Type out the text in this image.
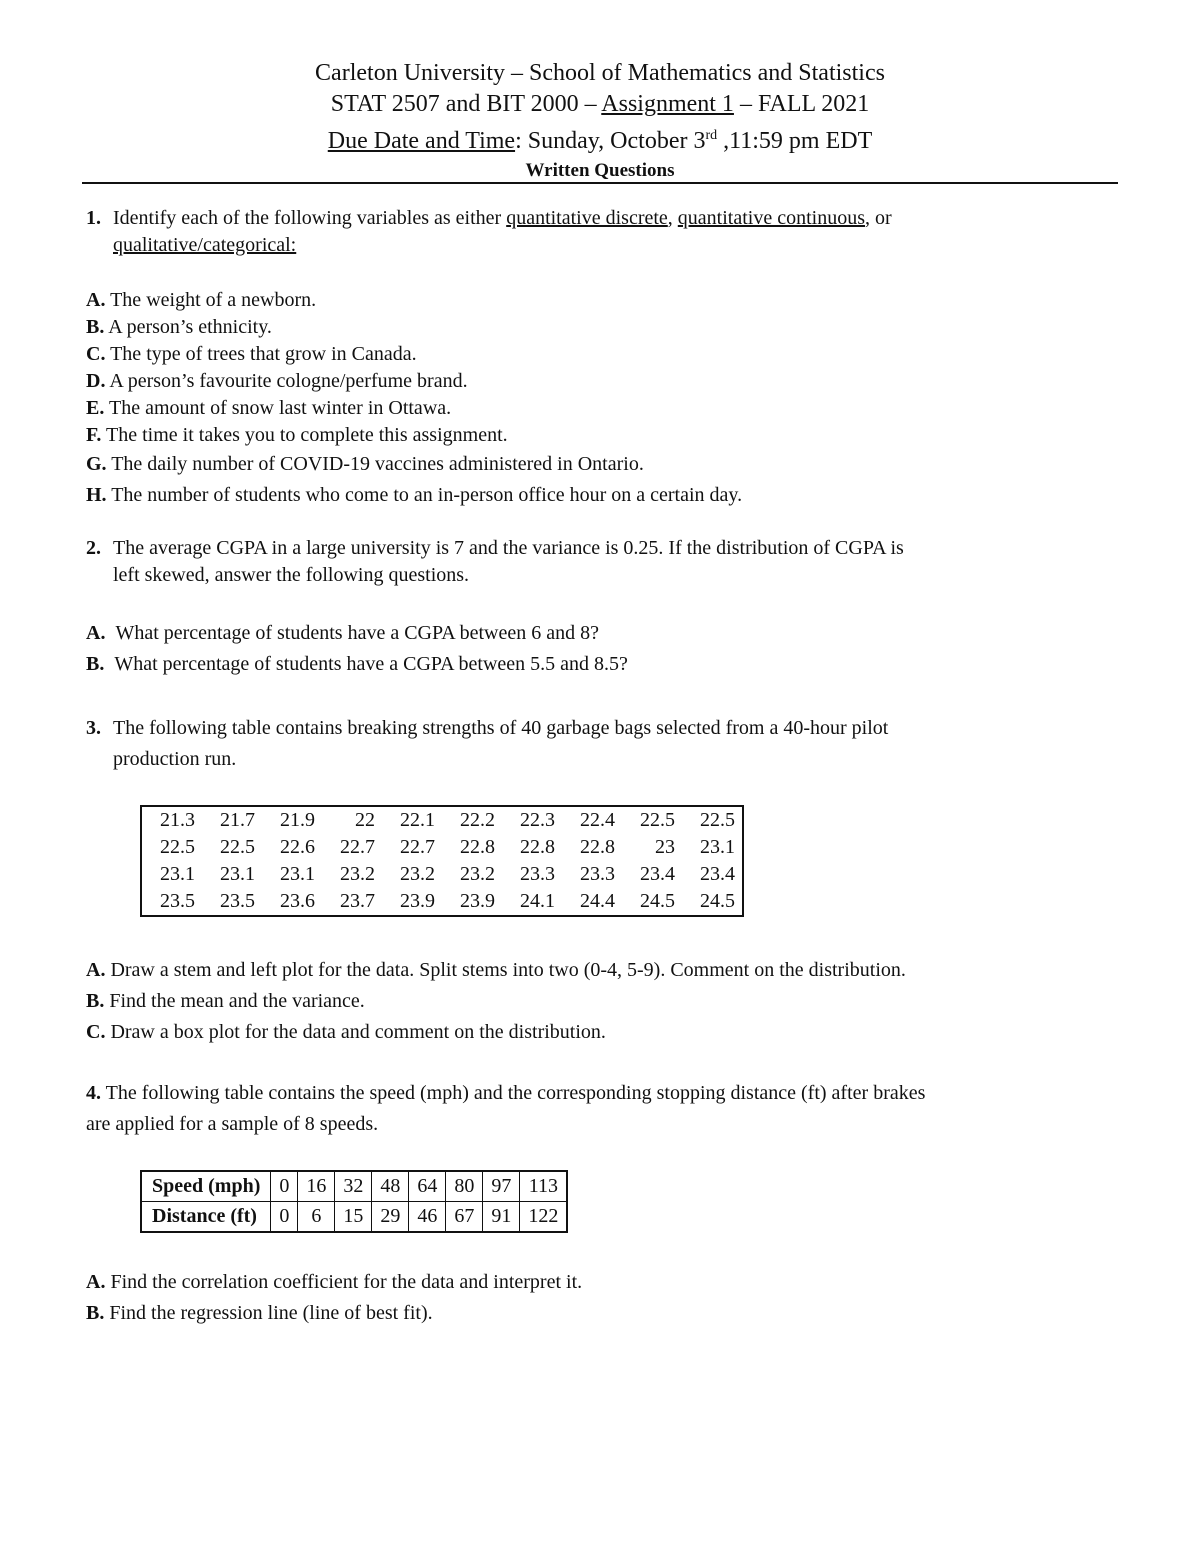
Carleton University – School of Mathematics and Statistics
STAT 2507 and BIT 2000 – Assignment 1 – FALL 2021
Due Date and Time: Sunday, October 3rd ,11:59 pm EDT
Written Questions
1. Identify each of the following variables as either quantitative discrete, quantitative continuous, or
qualitative/categorical:
A. The weight of a newborn.
B. A person’s ethnicity.
C. The type of trees that grow in Canada.
D. A person’s favourite cologne/perfume brand.
E. The amount of snow last winter in Ottawa.
F. The time it takes you to complete this assignment.
G. The daily number of COVID-19 vaccines administered in Ontario.
H. The number of students who come to an in-person office hour on a certain day.
2. The average CGPA in a large university is 7 and the variance is 0.25. If the distribution of CGPA is
left skewed, answer the following questions.
A. What percentage of students have a CGPA between 6 and 8?
B. What percentage of students have a CGPA between 5.5 and 8.5?
3. The following table contains breaking strengths of 40 garbage bags selected from a 40-hour pilot
production run.
21.3	21.7	21.9	22	22.1	22.2	22.3	22.4	22.5	22.5
22.5	22.5	22.6	22.7	22.7	22.8	22.8	22.8	23	23.1
23.1	23.1	23.1	23.2	23.2	23.2	23.3	23.3	23.4	23.4
23.5	23.5	23.6	23.7	23.9	23.9	24.1	24.4	24.5	24.5
A. Draw a stem and left plot for the data. Split stems into two (0-4, 5-9). Comment on the distribution.
B. Find the mean and the variance.
C. Draw a box plot for the data and comment on the distribution.
4. The following table contains the speed (mph) and the corresponding stopping distance (ft) after brakes
are applied for a sample of 8 speeds.
Speed (mph)	0	16	32	48	64	80	97	113
Distance (ft)	0	6	15	29	46	67	91	122
A. Find the correlation coefficient for the data and interpret it.
B. Find the regression line (line of best fit).
